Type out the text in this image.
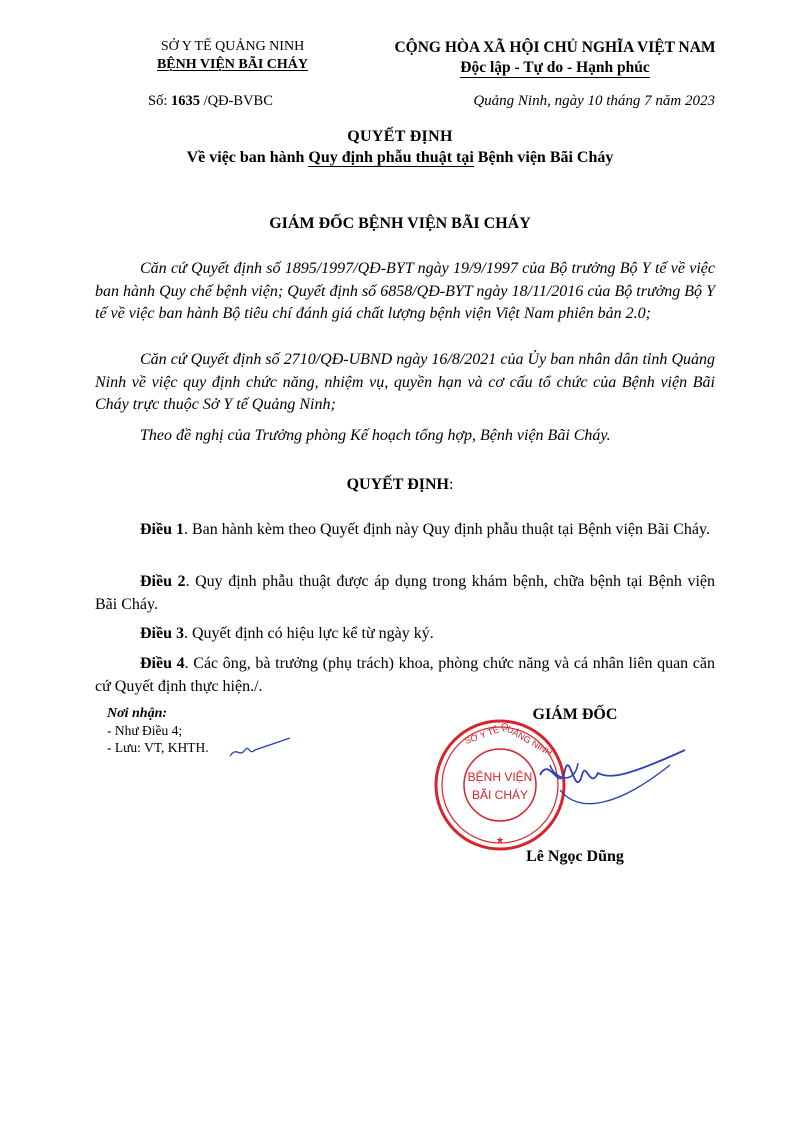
SỞ Y TẾ QUẢNG NINH
BỆNH VIỆN BÃI CHÁY
CỘNG HÒA XÃ HỘI CHỦ NGHĨA VIỆT NAM
Độc lập - Tự do - Hạnh phúc
Số: 1635 /QĐ-BVBC	Quảng Ninh, ngày 10 tháng 7 năm 2023
QUYẾT ĐỊNH
Về việc ban hành Quy định phẫu thuật tại Bệnh viện Bãi Cháy
GIÁM ĐỐC BỆNH VIỆN BÃI CHÁY
Căn cứ Quyết định số 1895/1997/QĐ-BYT ngày 19/9/1997 của Bộ trưởng Bộ Y tế về việc ban hành Quy chế bệnh viện; Quyết định số 6858/QĐ-BYT ngày 18/11/2016 của Bộ trưởng Bộ Y tế về việc ban hành Bộ tiêu chí đánh giá chất lượng bệnh viện Việt Nam phiên bản 2.0;
Căn cứ Quyết định số 2710/QĐ-UBND ngày 16/8/2021 của Ủy ban nhân dân tỉnh Quảng Ninh về việc quy định chức năng, nhiệm vụ, quyền hạn và cơ cấu tổ chức của Bệnh viện Bãi Cháy trực thuộc Sở Y tế Quảng Ninh;
Theo đề nghị của Trưởng phòng Kế hoạch tổng hợp, Bệnh viện Bãi Cháy.
QUYẾT ĐỊNH:
Điều 1. Ban hành kèm theo Quyết định này Quy định phẫu thuật tại Bệnh viện Bãi Cháy.
Điều 2. Quy định phẫu thuật được áp dụng trong khám bệnh, chữa bệnh tại Bệnh viện Bãi Cháy.
Điều 3. Quyết định có hiệu lực kể từ ngày ký.
Điều 4. Các ông, bà trưởng (phụ trách) khoa, phòng chức năng và cá nhân liên quan căn cứ Quyết định thực hiện./.
Nơi nhận:
- Như Điều 4;
- Lưu: VT, KHTH.
GIÁM ĐỐC
SỞ Y TẾ
QUẢNG NINH
★
BỆNH VIỆN
BÃI CHÁY
Lê Ngọc Dũng
